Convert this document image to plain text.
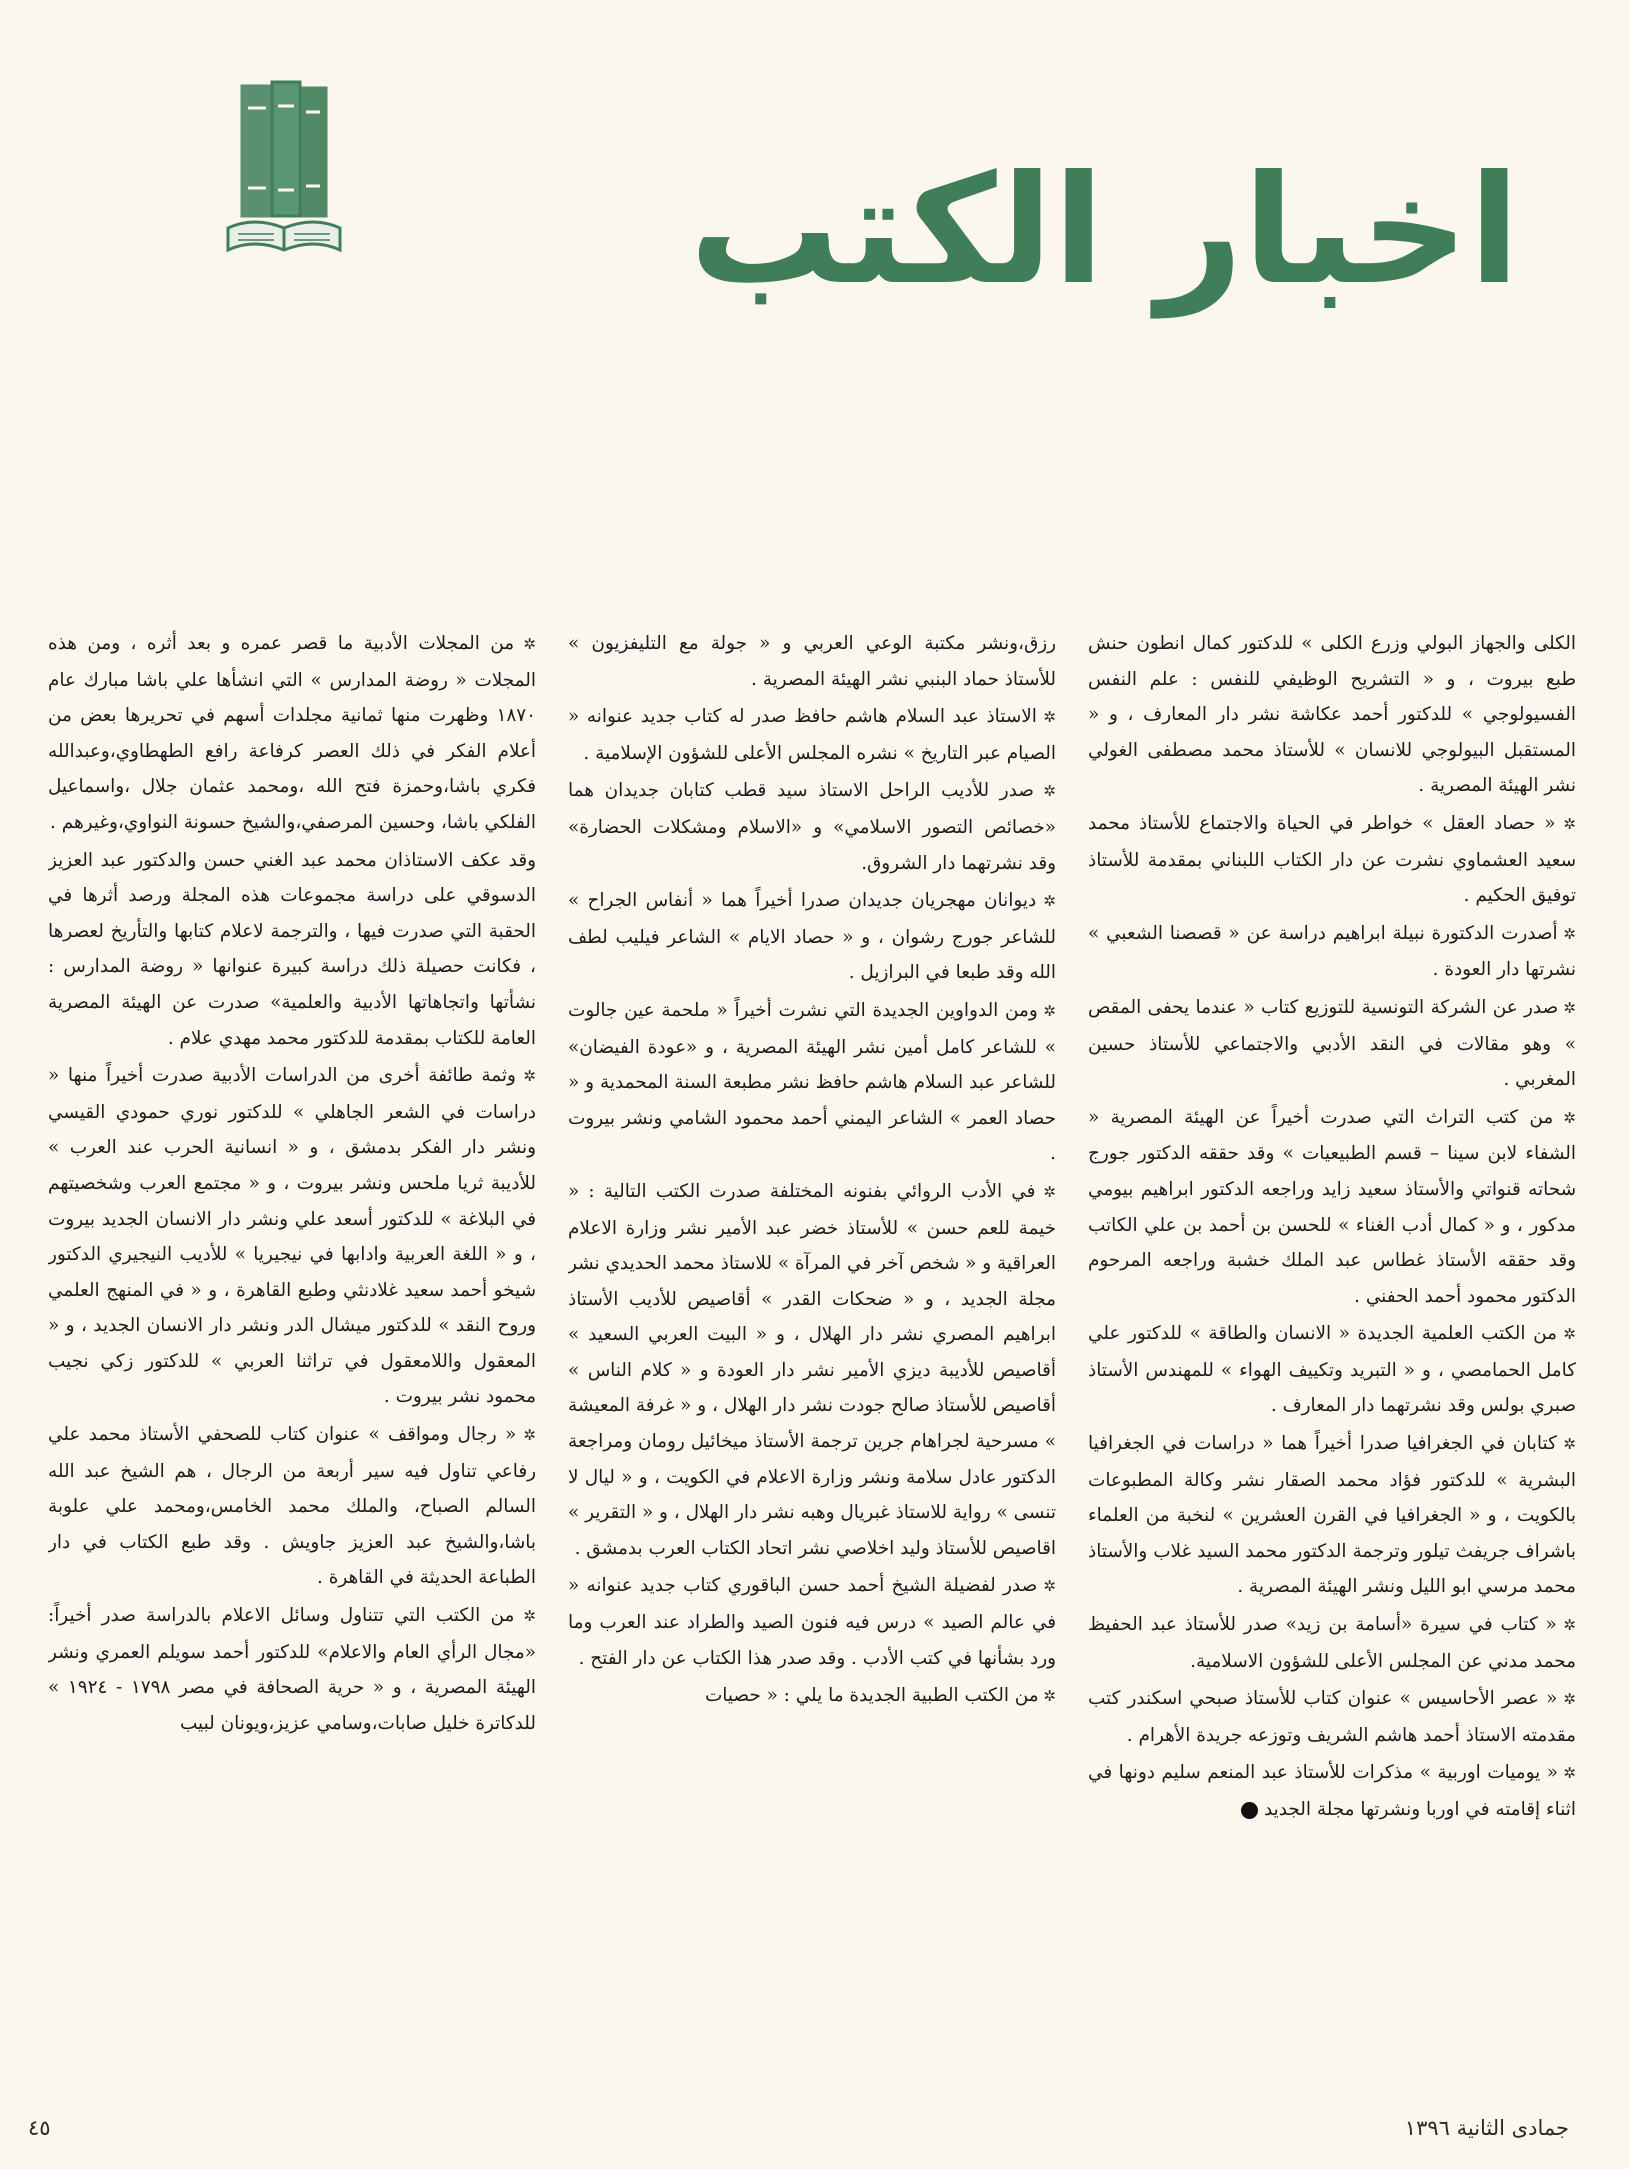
اخبار الكتب

✲ من المجلات الأدبية ما قصر عمره و بعد أثره ، ومن هذه المجلات « روضة المدارس » التي انشأها علي باشا مبارك عام ١٨٧٠ وظهرت منها ثمانية مجلدات أسهم في تحريرها بعض من أعلام الفكر في ذلك العصر كرفاعة رافع الطهطاوي،وعبدالله فكري باشا،وحمزة فتح الله ،ومحمد عثمان جلال ،واسماعيل الفلكي باشا، وحسين المرصفي،والشيخ حسونة النواوي،وغيرهم .

وقد عكف الاستاذان محمد عبد الغني حسن والدكتور عبد العزيز الدسوقي على دراسة مجموعات هذه المجلة ورصد أثرها في الحقبة التي صدرت فيها ، والترجمة لاعلام كتابها والتأريخ لعصرها ، فكانت حصيلة ذلك دراسة كبيرة عنوانها « روضة المدارس : نشأتها واتجاهاتها الأدبية والعلمية» صدرت عن الهيئة المصرية العامة للكتاب بمقدمة للدكتور محمد مهدي علام .

✲ وثمة طائفة أخرى من الدراسات الأدبية صدرت أخيراً منها « دراسات في الشعر الجاهلي » للدكتور نوري حمودي القيسي ونشر دار الفكر بدمشق ، و « انسانية الحرب عند العرب » للأديبة ثريا ملحس ونشر بيروت ، و « مجتمع العرب وشخصيتهم في البلاغة » للدكتور أسعد علي ونشر دار الانسان الجديد بيروت ، و « اللغة العربية وادابها في نيجيريا » للأديب النيجيري الدكتور شيخو أحمد سعيد غلادنثي وطبع القاهرة ، و « في المنهج العلمي وروح النقد » للدكتور ميشال الدر ونشر دار الانسان الجديد ، و « المعقول واللامعقول في تراثنا العربي » للدكتور زكي نجيب محمود نشر بيروت .

✲ « رجال ومواقف » عنوان كتاب للصحفي الأستاذ محمد علي رفاعي تناول فيه سير أربعة من الرجال ، هم الشيخ عبد الله السالم الصباح، والملك محمد الخامس،ومحمد علي علوبة باشا،والشيخ عبد العزيز جاويش . وقد طبع الكتاب في دار الطباعة الحديثة في القاهرة .

✲ من الكتب التي تتناول وسائل الاعلام بالدراسة صدر أخيراً: «مجال الرأي العام والاعلام» للدكتور أحمد سويلم العمري ونشر الهيئة المصرية ، و « حرية الصحافة في مصر ١٧٩٨ - ١٩٢٤ » للدكاترة خليل صابات،وسامي عزيز،ويونان لبيب

رزق،ونشر مكتبة الوعي العربي و « جولة مع التليفزيون » للأستاذ حماد البنبي نشر الهيئة المصرية .

✲ الاستاذ عبد السلام هاشم حافظ صدر له كتاب جديد عنوانه « الصيام عبر التاريخ » نشره المجلس الأعلى للشؤون الإسلامية .

✲ صدر للأديب الراحل الاستاذ سيد قطب كتابان جديدان هما «خصائص التصور الاسلامي» و «الاسلام ومشكلات الحضارة» وقد نشرتهما دار الشروق.

✲ ديوانان مهجريان جديدان صدرا أخيراً هما « أنفاس الجراح » للشاعر جورج رشوان ، و « حصاد الايام » الشاعر فيليب لطف الله وقد طبعا في البرازيل .

✲ ومن الدواوين الجديدة التي نشرت أخيراً « ملحمة عين جالوت » للشاعر كامل أمين نشر الهيئة المصرية ، و «عودة الفيضان» للشاعر عبد السلام هاشم حافظ نشر مطبعة السنة المحمدية و « حصاد العمر » الشاعر اليمني أحمد محمود الشامي ونشر بيروت .

✲ في الأدب الروائي بفنونه المختلفة صدرت الكتب التالية : « خيمة للعم حسن » للأستاذ خضر عبد الأمير نشر وزارة الاعلام العراقية و « شخص آخر في المرآة » للاستاذ محمد الحديدي نشر مجلة الجديد ، و « ضحكات القدر » أقاصيص للأديب الأستاذ ابراهيم المصري نشر دار الهلال ، و « البيت العربي السعيد » أقاصيص للأديبة ديزي الأمير نشر دار العودة و « كلام الناس » أقاصيص للأستاذ صالح جودت نشر دار الهلال ، و « غرفة المعيشة » مسرحية لجراهام جرين ترجمة الأستاذ ميخائيل رومان ومراجعة الدكتور عادل سلامة ونشر وزارة الاعلام في الكويت ، و « ليال لا تنسى » رواية للاستاذ غبريال وهبه نشر دار الهلال ، و « التقرير » اقاصيص للأستاذ وليد اخلاصي نشر اتحاد الكتاب العرب بدمشق .

✲ صدر لفضيلة الشيخ أحمد حسن الباقوري كتاب جديد عنوانه « في عالم الصيد » درس فيه فنون الصيد والطراد عند العرب وما ورد بشأنها في كتب الأدب . وقد صدر هذا الكتاب عن دار الفتح .

✲ من الكتب الطبية الجديدة ما يلي : « حصيات

الكلى والجهاز البولي وزرع الكلى » للدكتور كمال انطون حنش طبع بيروت ، و « التشريح الوظيفي للنفس : علم النفس الفسيولوجي » للدكتور أحمد عكاشة نشر دار المعارف ، و « المستقبل البيولوجي للانسان » للأستاذ محمد مصطفى الغولي نشر الهيئة المصرية .

✲ « حصاد العقل » خواطر في الحياة والاجتماع للأستاذ محمد سعيد العشماوي نشرت عن دار الكتاب اللبناني بمقدمة للأستاذ توفيق الحكيم .

✲ أصدرت الدكتورة نبيلة ابراهيم دراسة عن « قصصنا الشعبي » نشرتها دار العودة .

✲ صدر عن الشركة التونسية للتوزيع كتاب « عندما يحفى المقص » وهو مقالات في النقد الأدبي والاجتماعي للأستاذ حسين المغربي .

✲ من كتب التراث التي صدرت أخيراً عن الهيئة المصرية « الشفاء لابن سينا – قسم الطبيعيات » وقد حققه الدكتور جورج شحاته قنواتي والأستاذ سعيد زايد وراجعه الدكتور ابراهيم بيومي مدكور ، و « كمال أدب الغناء » للحسن بن أحمد بن علي الكاتب وقد حققه الأستاذ غطاس عبد الملك خشبة وراجعه المرحوم الدكتور محمود أحمد الحفني .

✲ من الكتب العلمية الجديدة « الانسان والطاقة » للدكتور علي كامل الحمامصي ، و « التبريد وتكييف الهواء » للمهندس الأستاذ صبري بولس وقد نشرتهما دار المعارف .

✲ كتابان في الجغرافيا صدرا أخيراً هما « دراسات في الجغرافيا البشرية » للدكتور فؤاد محمد الصقار نشر وكالة المطبوعات بالكويت ، و « الجغرافيا في القرن العشرين » لنخبة من العلماء باشراف جريفث تيلور وترجمة الدكتور محمد السيد غلاب والأستاذ محمد مرسي ابو الليل ونشر الهيئة المصرية .

✲ « كتاب في سيرة «أسامة بن زيد» صدر للأستاذ عبد الحفيظ محمد مدني عن المجلس الأعلى للشؤون الاسلامية.

✲ « عصر الأحاسيس » عنوان كتاب للأستاذ صبحي اسكندر كتب مقدمته الاستاذ أحمد هاشم الشريف وتوزعه جريدة الأهرام .

✲ « يوميات اوربية » مذكرات للأستاذ عبد المنعم سليم دونها في اثناء إقامته في اوربا ونشرتها مجلة الجديد

٤٥	جمادى الثانية ١٣٩٦
